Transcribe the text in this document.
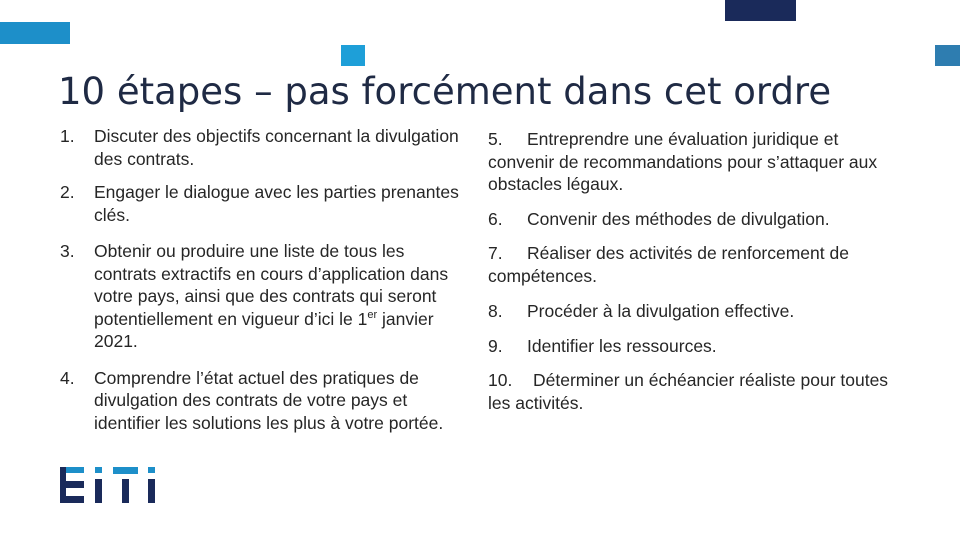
10 étapes – pas forcément dans cet ordre
1.	Discuter des objectifs concernant la divulgation des contrats.
2.	Engager le dialogue avec les parties prenantes clés.
3.	Obtenir ou produire une liste de tous les contrats extractifs en cours d’application dans votre pays, ainsi que des contrats qui seront potentiellement en vigueur d’ici le 1er janvier 2021.
4.	Comprendre l’état actuel des pratiques de divulgation des contrats de votre pays et identifier les solutions les plus à votre portée.
5. Entreprendre une évaluation juridique et convenir de recommandations pour s’attaquer aux obstacles légaux.
6. Convenir des méthodes de divulgation.
7. Réaliser des activités de renforcement de compétences.
8. Procéder à la divulgation effective.
9. Identifier les ressources.
10. Déterminer un échéancier réaliste pour toutes les activités.
